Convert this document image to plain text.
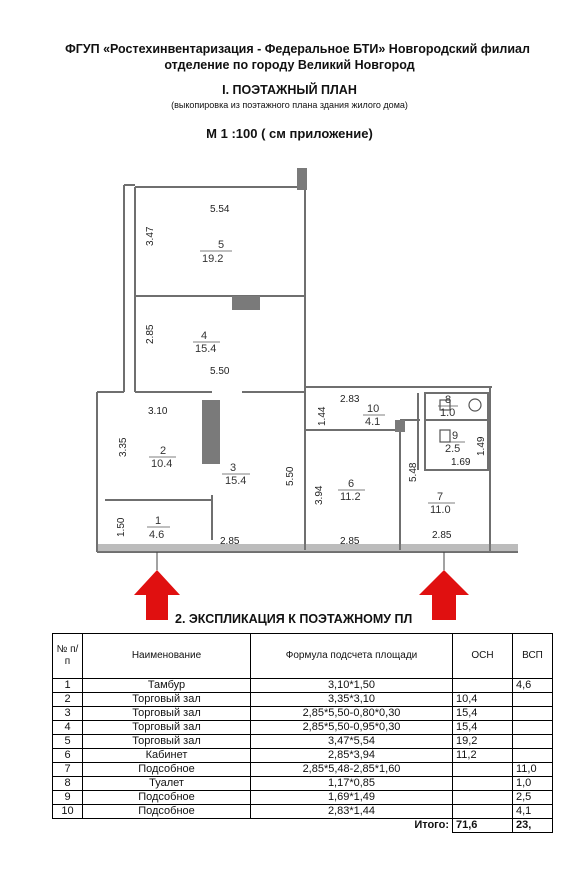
ФГУП «Ростехинвентаризация - Федеральное БТИ» Новгородский филиал
отделение по городу Великий Новгород
I. ПОЭТАЖНЫЙ ПЛАН
(выкопировка из поэтажного плана здания жилого дома)
М 1 :100 ( см приложение)
5.54
3.47	5
19.2
2.85	4
15.4
5.50
3.10
3.35	2
10.4	3
15.4	5.50
1.50	1
4.6
2.85	2.85
2.85
1.44
2.83
10
4.1
3.94
6
11.2
8
1.0
9
2.5
1.69
1.49
5.48
7
11.0
2. ЭКСПЛИКАЦИЯ К ПОЭТАЖНОМУ ПЛ
№ п/п	Наименование	Формула подсчета площади	ОСН	ВСП
1	Тамбур	3,10*1,50		4,6
2	Торговый зал	3,35*3,10	10,4	
3	Торговый зал	2,85*5,50-0,80*0,30	15,4	
4	Торговый зал	2,85*5,50-0,95*0,30	15,4	
5	Торговый зал	3,47*5,54	19,2	
6	Кабинет	2,85*3,94	11,2	
7	Подсобное	2,85*5,48-2,85*1,60		11,0
8	Туалет	1,17*0,85		1,0
9	Подсобное	1,69*1,49		2,5
10	Подсобное	2,83*1,44		4,1
		Итого:	71,6	23,
